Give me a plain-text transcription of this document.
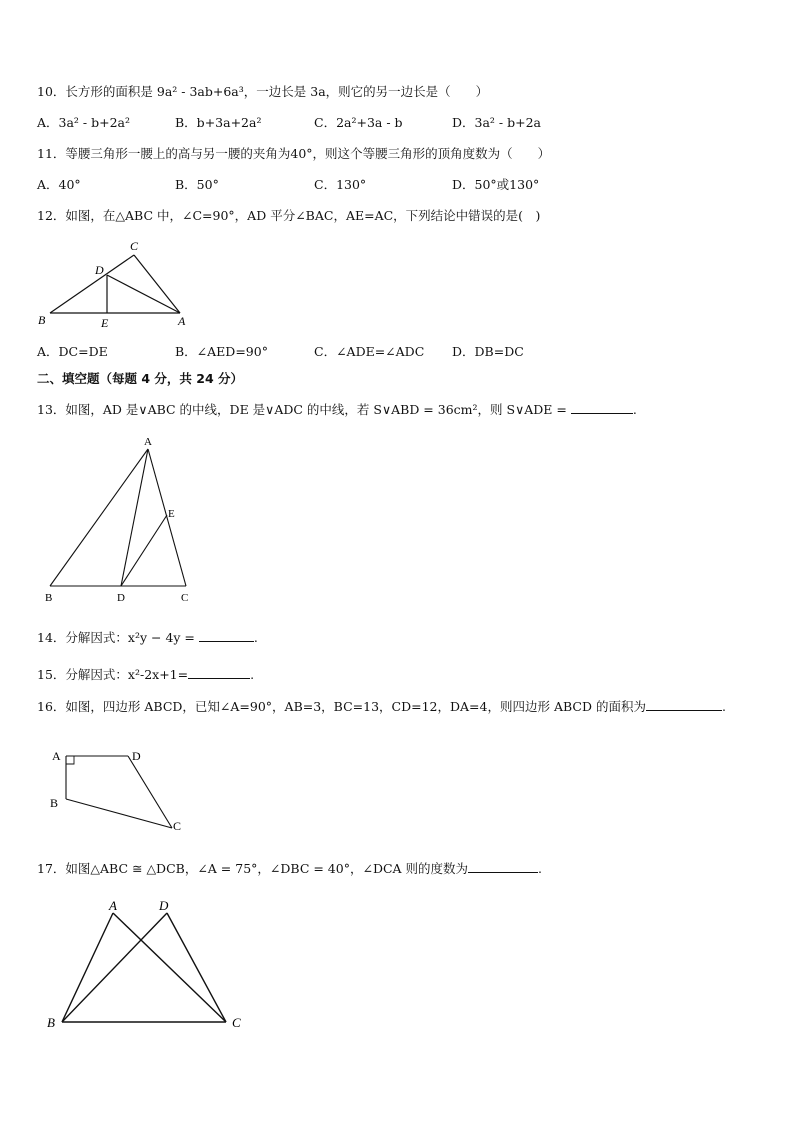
10．长方形的面积是 9a² - 3ab+6a³，一边长是 3a，则它的另一边长是（　　）
A．3a² - b+2a²	B．b+3a+2a²	C．2a²+3a - b	D．3a² - b+2a
11．等腰三角形一腰上的高与另一腰的夹角为40°，则这个等腰三角形的顶角度数为（　　）
A．40°	B．50°	C．130°	D．50°或130°
12．如图，在△ABC 中，∠C=90°，AD 平分∠BAC，AE=AC，下列结论中错误的是(　)
C
D
B	E	A
A．DC=DE	B．∠AED=90°	C．∠ADE=∠ADC D．DB=DC
二、填空题（每题 4 分，共 24 分）
13．如图，AD 是∨ABC 的中线，DE 是∨ADC 的中线，若 S∨ABD = 36cm²，则 S∨ADE =	.
A
E
B	D	C
14．分解因式：x²y − 4y =	.
15．分解因式：x²-2x+1=	.
16．如图，四边形 ABCD，已知∠A=90°，AB=3，BC=13，CD=12，DA=4，则四边形 ABCD 的面积为	.
A	D
B
C
17．如图△ABC ≅ △DCB，∠A = 75°，∠DBC = 40°，∠DCA 则的度数为	.
A	D
B	C
